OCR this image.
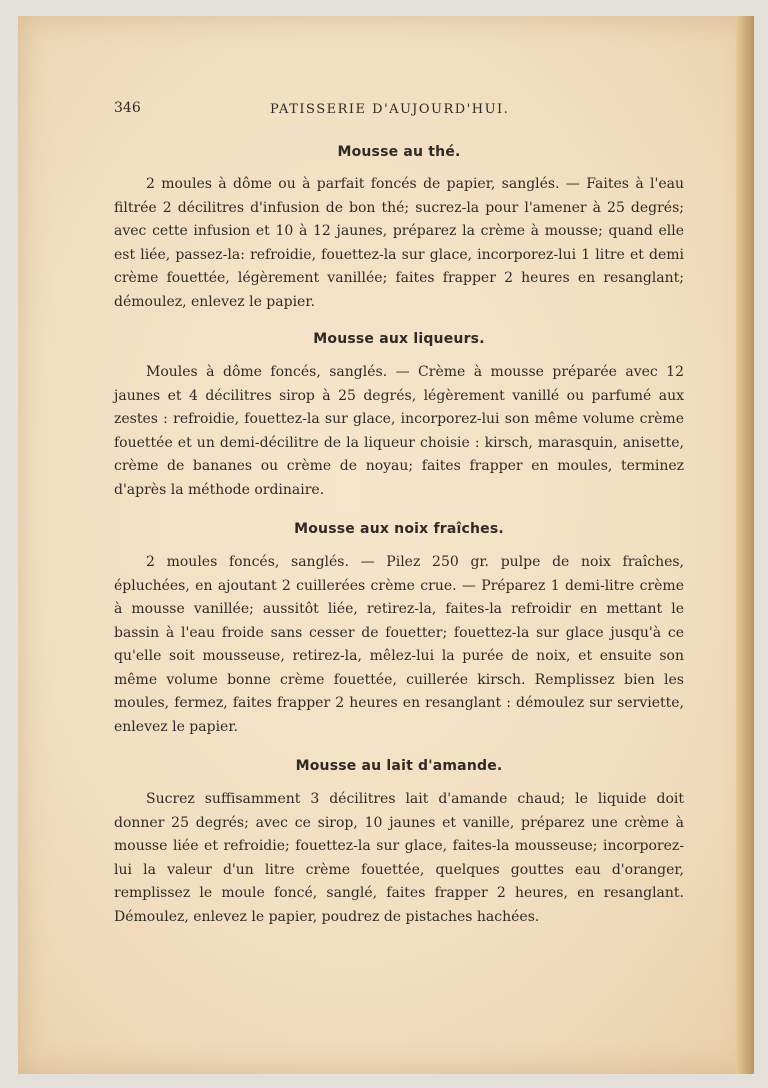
346	PATISSERIE D'AUJOURD'HUI.
Mousse au thé.

2 moules à dôme ou à parfait foncés de papier, sanglés. — Faites à l'eau filtrée 2 décilitres d'infusion de bon thé; sucrez-la pour l'amener à 25 degrés; avec cette infusion et 10 à 12 jaunes, préparez la crème à mousse; quand elle est liée, passez-la: refroidie, fouettez-la sur glace, incorporez-lui 1 litre et demi crème fouettée, légèrement vanillée; faites frapper 2 heures en resanglant; démoulez, enlevez le papier.

Mousse aux liqueurs.

Moules à dôme foncés, sanglés. — Crème à mousse préparée avec 12 jaunes et 4 décilitres sirop à 25 degrés, légèrement vanillé ou parfumé aux zestes : refroidie, fouettez-la sur glace, incorporez-lui son même volume crème fouettée et un demi-décilitre de la liqueur choisie : kirsch, marasquin, anisette, crème de bananes ou crème de noyau; faites frapper en moules, terminez d'après la méthode ordinaire.

Mousse aux noix fraîches.

2 moules foncés, sanglés. — Pilez 250 gr. pulpe de noix fraîches, épluchées, en ajoutant 2 cuillerées crème crue. — Préparez 1 demi-litre crème à mousse vanillée; aussitôt liée, retirez-la, faites-la refroidir en mettant le bassin à l'eau froide sans cesser de fouetter; fouettez-la sur glace jusqu'à ce qu'elle soit mousseuse, retirez-la, mêlez-lui la purée de noix, et ensuite son même volume bonne crème fouettée, cuillerée kirsch. Remplissez bien les moules, fermez, faites frapper 2 heures en resanglant : démoulez sur serviette, enlevez le papier.

Mousse au lait d'amande.

Sucrez suffisamment 3 décilitres lait d'amande chaud; le liquide doit donner 25 degrés; avec ce sirop, 10 jaunes et vanille, préparez une crème à mousse liée et refroidie; fouettez-la sur glace, faites-la mousseuse; incorporez-lui la valeur d'un litre crème fouettée, quelques gouttes eau d'oranger, remplissez le moule foncé, sanglé, faites frapper 2 heures, en resanglant. Démoulez, enlevez le papier, poudrez de pistaches hachées.
